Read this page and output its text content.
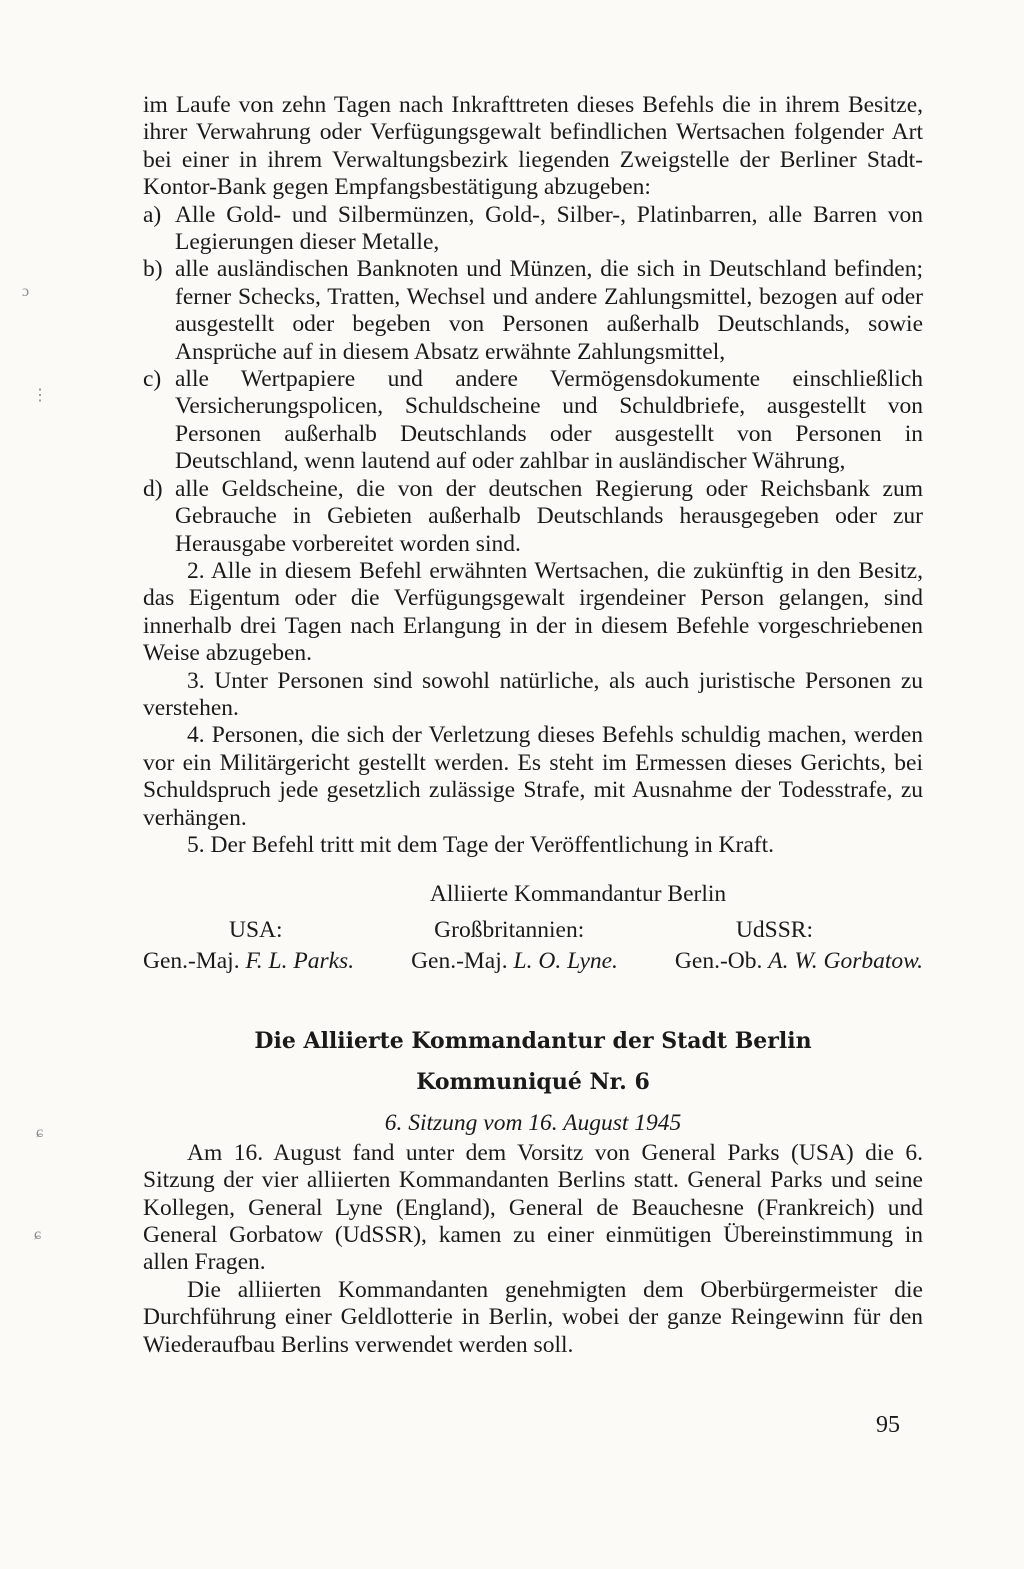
ɔ
⋮
ɕ
ɕ

im Laufe von zehn Tagen nach Inkrafttreten dieses Befehls die in ihrem Besitze, ihrer Verwahrung oder Verfügungsgewalt befindlichen Wertsachen folgender Art bei einer in ihrem Verwaltungsbezirk liegenden Zweigstelle der Berliner Stadt-Kontor-Bank gegen Empfangsbestätigung abzugeben:

a) Alle Gold- und Silbermünzen, Gold-, Silber-, Platinbarren, alle Barren von Legierungen dieser Metalle,

b) alle ausländischen Banknoten und Münzen, die sich in Deutschland befinden; ferner Schecks, Tratten, Wechsel und andere Zahlungsmittel, bezogen auf oder ausgestellt oder begeben von Personen außerhalb Deutschlands, sowie Ansprüche auf in diesem Absatz erwähnte Zahlungsmittel,

c) alle Wertpapiere und andere Vermögensdokumente einschließlich Versicherungspolicen, Schuldscheine und Schuldbriefe, ausgestellt von Personen außerhalb Deutschlands oder ausgestellt von Personen in Deutschland, wenn lautend auf oder zahlbar in ausländischer Währung,

d) alle Geldscheine, die von der deutschen Regierung oder Reichsbank zum Gebrauche in Gebieten außerhalb Deutschlands herausgegeben oder zur Herausgabe vorbereitet worden sind.

2. Alle in diesem Befehl erwähnten Wertsachen, die zukünftig in den Besitz, das Eigentum oder die Verfügungsgewalt irgendeiner Person gelangen, sind innerhalb drei Tagen nach Erlangung in der in diesem Befehle vorgeschriebenen Weise abzugeben.

3. Unter Personen sind sowohl natürliche, als auch juristische Personen zu verstehen.

4. Personen, die sich der Verletzung dieses Befehls schuldig machen, werden vor ein Militärgericht gestellt werden. Es steht im Ermessen dieses Gerichts, bei Schuldspruch jede gesetzlich zulässige Strafe, mit Ausnahme der Todesstrafe, zu verhängen.

5. Der Befehl tritt mit dem Tage der Veröffentlichung in Kraft.

Alliierte Kommandantur Berlin
USA:	Großbritannien:	UdSSR:
Gen.-Maj. F. L. Parks. Gen.-Maj. L. O. Lyne. Gen.-Ob. A. W. Gorbatow.
Die Alliierte Kommandantur der Stadt Berlin
Kommuniqué Nr. 6
6. Sitzung vom 16. August 1945

Am 16. August fand unter dem Vorsitz von General Parks (USA) die 6. Sitzung der vier alliierten Kommandanten Berlins statt. General Parks und seine Kollegen, General Lyne (England), General de Beauchesne (Frankreich) und General Gorbatow (UdSSR), kamen zu einer einmütigen Übereinstimmung in allen Fragen.

Die alliierten Kommandanten genehmigten dem Oberbürgermeister die Durchführung einer Geldlotterie in Berlin, wobei der ganze Reingewinn für den Wiederaufbau Berlins verwendet werden soll.

95
